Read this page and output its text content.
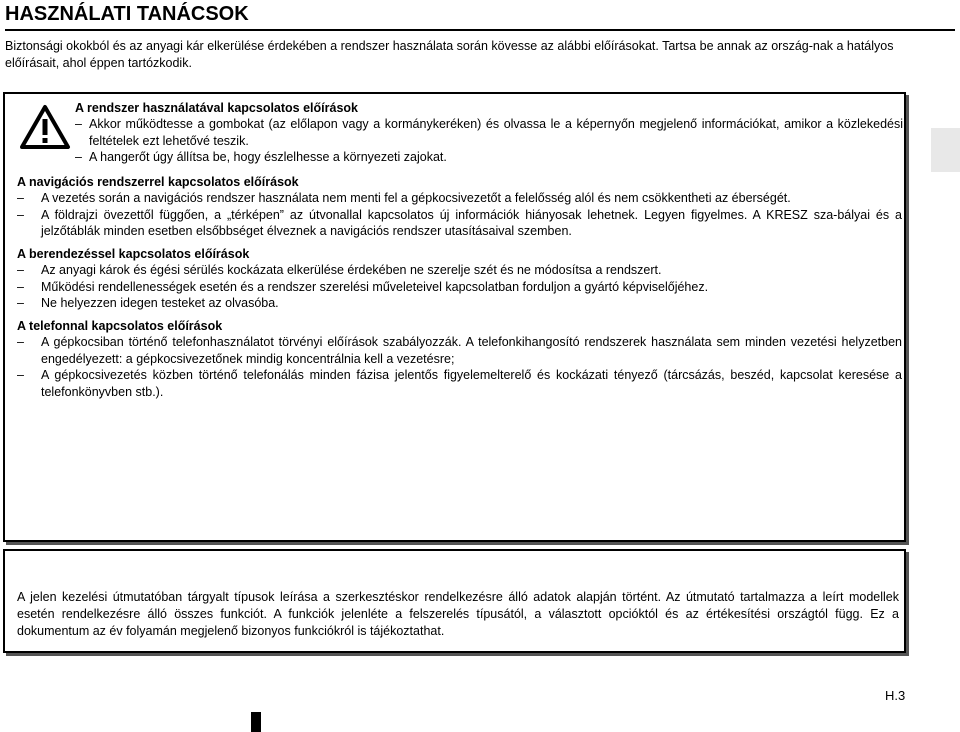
HASZNÁLATI TANÁCSOK
Biztonsági okokból és az anyagi kár elkerülése érdekében a rendszer használata során kövesse az alábbi előírásokat. Tartsa be annak az ország-nak a hatályos előírásait, ahol éppen tartózkodik.
A rendszer használatával kapcsolatos előírások
– Akkor működtesse a gombokat (az előlapon vagy a kormánykeréken) és olvassa le a képernyőn megjelenő információkat, amikor a közlekedési feltételek ezt lehetővé teszik.
– A hangerőt úgy állítsa be, hogy észlelhesse a környezeti zajokat.
A navigációs rendszerrel kapcsolatos előírások
– A vezetés során a navigációs rendszer használata nem menti fel a gépkocsivezetőt a felelősség alól és nem csökkentheti az éberségét.
– A földrajzi övezettől függően, a „térképen” az útvonallal kapcsolatos új információk hiányosak lehetnek. Legyen figyelmes. A KRESZ sza-bályai és a jelzőtáblák minden esetben elsőbbséget élveznek a navigációs rendszer utasításaival szemben.
A berendezéssel kapcsolatos előírások
– Az anyagi károk és égési sérülés kockázata elkerülése érdekében ne szerelje szét és ne módosítsa a rendszert.
– Működési rendellenességek esetén és a rendszer szerelési műveleteivel kapcsolatban forduljon a gyártó képviselőjéhez.
– Ne helyezzen idegen testeket az olvasóba.
A telefonnal kapcsolatos előírások
– A gépkocsiban történő telefonhasználatot törvényi előírások szabályozzák. A telefonkihangosító rendszerek használata sem minden vezetési helyzetben engedélyezett: a gépkocsivezetőnek mindig koncentrálnia kell a vezetésre;
– A gépkocsivezetés közben történő telefonálás minden fázisa jelentős figyelemelterelő és kockázati tényező (tárcsázás, beszéd, kapcsolat keresése a telefonkönyvben stb.).
A jelen kezelési útmutatóban tárgyalt típusok leírása a szerkesztéskor rendelkezésre álló adatok alapján történt. Az útmutató tartalmazza a leírt modellek esetén rendelkezésre álló összes funkciót. A funkciók jelenléte a felszerelés típusától, a választott opcióktól és az értékesítési országtól függ. Ez a dokumentum az év folyamán megjelenő bizonyos funkciókról is tájékoztathat.
H.3
